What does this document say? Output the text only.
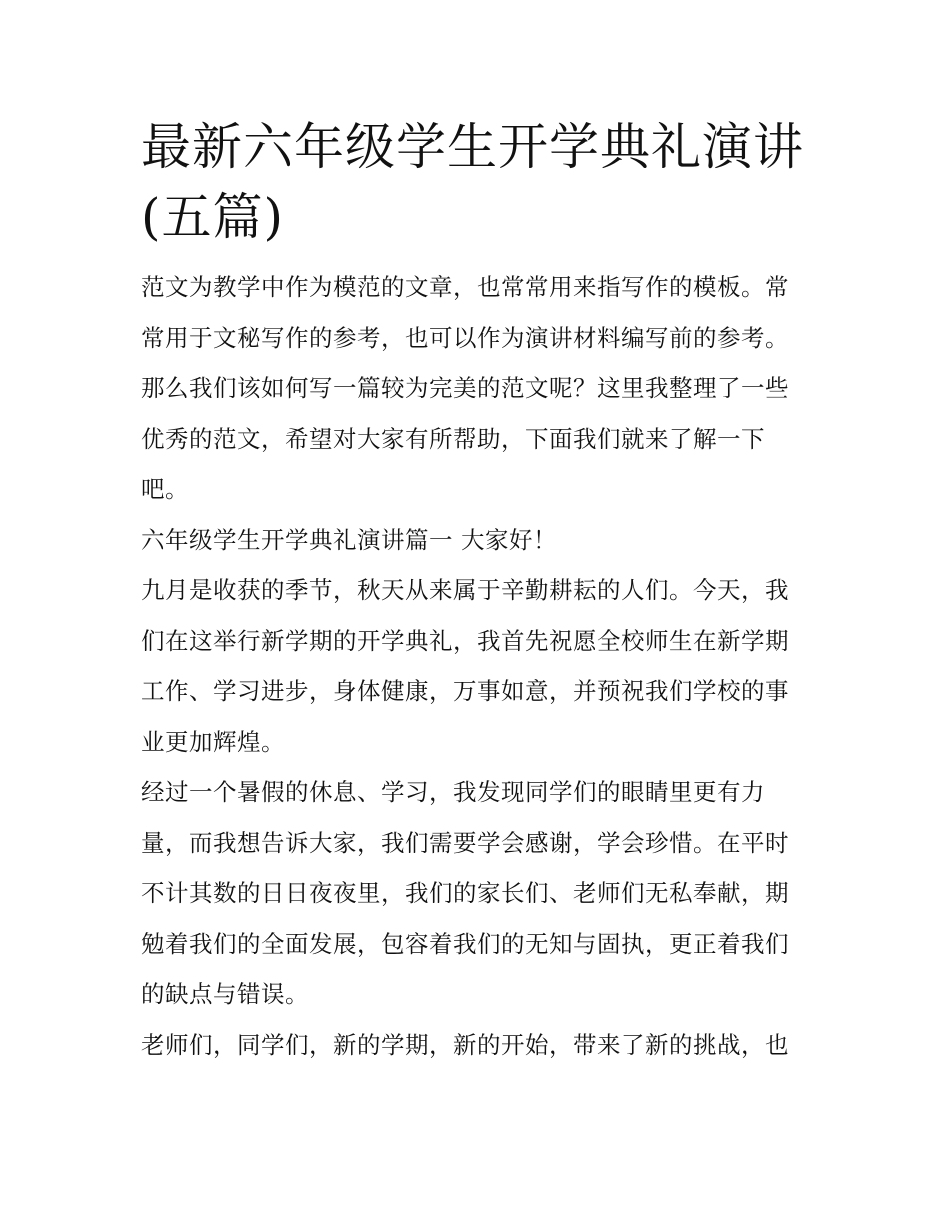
最新六年级学生开学典礼演讲
(五篇)

范文为教学中作为模范的文章，也常常用来指写作的模板。常
常用于文秘写作的参考，也可以作为演讲材料编写前的参考。
那么我们该如何写一篇较为完美的范文呢？这里我整理了一些
优秀的范文，希望对大家有所帮助，下面我们就来了解一下
吧。

六年级学生开学典礼演讲篇一 大家好！

九月是收获的季节，秋天从来属于辛勤耕耘的人们。今天，我
们在这举行新学期的开学典礼，我首先祝愿全校师生在新学期
工作、学习进步，身体健康，万事如意，并预祝我们学校的事
业更加辉煌。

经过一个暑假的休息、学习，我发现同学们的眼睛里更有力
量，而我想告诉大家，我们需要学会感谢，学会珍惜。在平时
不计其数的日日夜夜里，我们的家长们、老师们无私奉献，期
勉着我们的全面发展，包容着我们的无知与固执，更正着我们
的缺点与错误。

老师们，同学们，新的学期，新的开始，带来了新的挑战，也
